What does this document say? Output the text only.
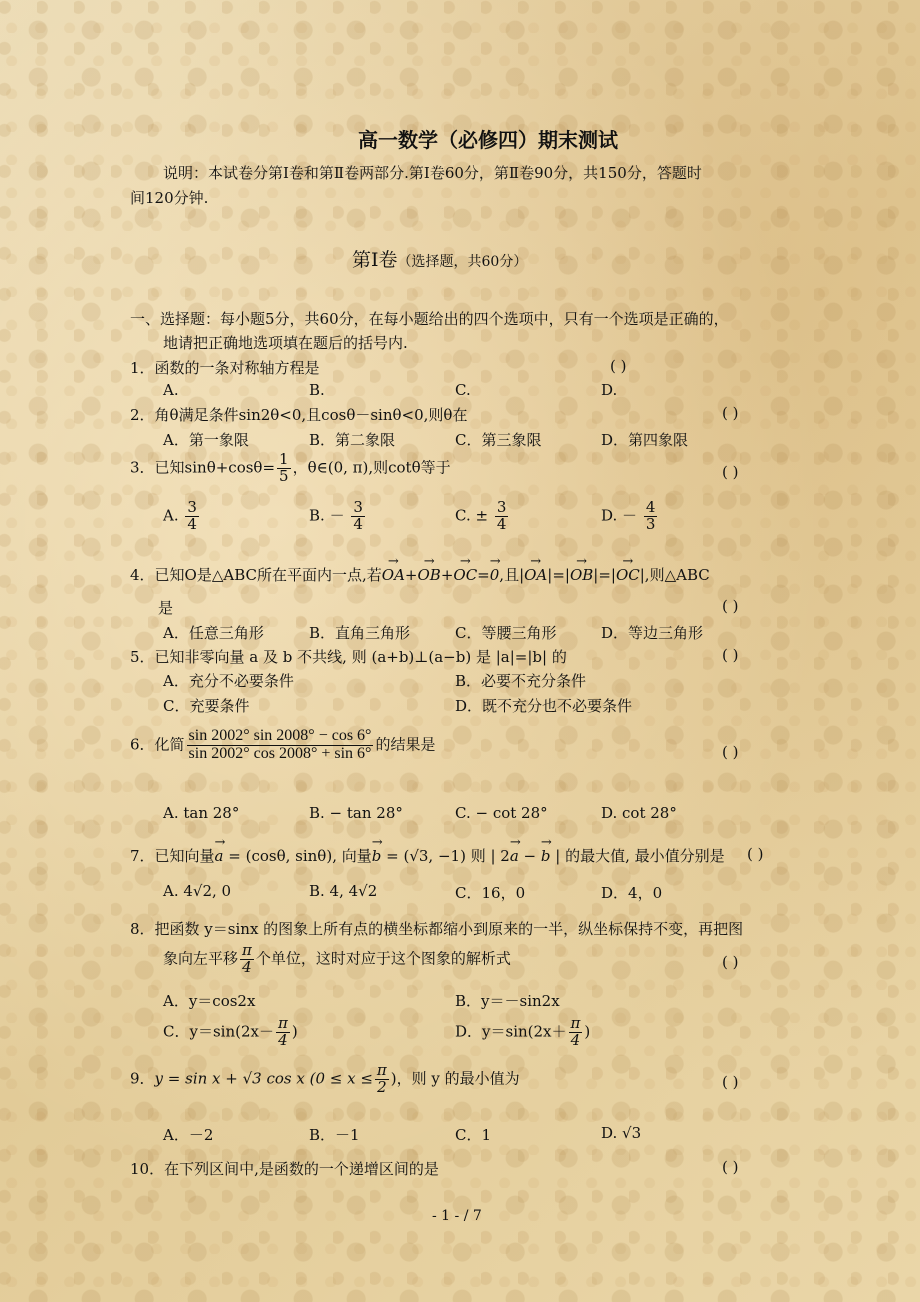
高一数学（必修四）期末测试
说明：本试卷分第Ⅰ卷和第Ⅱ卷两部分.第Ⅰ卷60分，第Ⅱ卷90分，共150分，答题时
间120分钟.
第Ⅰ卷（选择题，共60分）
一、选择题：每小题5分，共60分，在每小题给出的四个选项中，只有一个选项是正确的，
地请把正确地选项填在题后的括号内.
1．函数的一条对称轴方程是	( )
A.	B.	C.	D.
2．角θ满足条件sin2θ<0,且cosθ－sinθ<0,则θ在	( )
A．第一象限	B．第二象限	C．第三象限	D．第四象限
3．已知$\sin\theta+\cos\theta= \frac{1}{5}$ ，θ∈(0, π),则cotθ等于	( )
A. $\frac{3}{4}$	B. － $\frac{3}{4}$	C. ± $\frac{3}{4}$	D. － $\frac{4}{3}$
4．已知O是△ABC所在平面内一点,若→ OA+→ OB+→ OC=→ 0,且|→ OA|=|→ OB|=|→ OC|,则△ABC
是	( )
A．任意三角形	B．直角三角形	C．等腰三角形	D．等边三角形
5．已知非零向量 a 及 b 不共线, 则 (a+b)⊥(a−b) 是 |a|=|b| 的	( )
A．充分不必要条件	B．必要不充分条件
C．充要条件	D．既不充分也不必要条件
6．化简 $\frac{\sin 2002^\circ \sin 2008^\circ - \cos 6^\circ}{\sin 2002^\circ \cos 2008^\circ + \sin 6^\circ}$ 的结果是	( )
A. tan 28°	B. − tan 28°	C. − cot 28°	D. cot 28°
7．已知向量→ a = (cosθ, sinθ), 向量→ b = (√3, −1) 则 | 2→ a − → b | 的最大值, 最小值分别是 ( )
A. 4√2, 0	B. 4, 4√2	C．16，0	D．4，0
8．把函数 y＝sinx 的图象上所有点的横坐标都缩小到原来的一半，纵坐标保持不变，再把图
象向左平移 $\frac{\pi}{4}$ 个单位，这时对应于这个图象的解析式	( )
A．y＝cos2x	B．y＝－sin2x
C．$y=\sin(2x- \frac{\pi}{4}$ )	D．$y=\sin(2x+ \frac{\pi}{4}$ )
9．y = sin x + √3 cos x ($0 \le x \le \frac{\pi}{2}$ )，则 y 的最小值为	( )
A．－2	B．－1	C．1	D. √3
10．在下列区间中,是函数的一个递增区间的是	( )
- 1 - / 7
